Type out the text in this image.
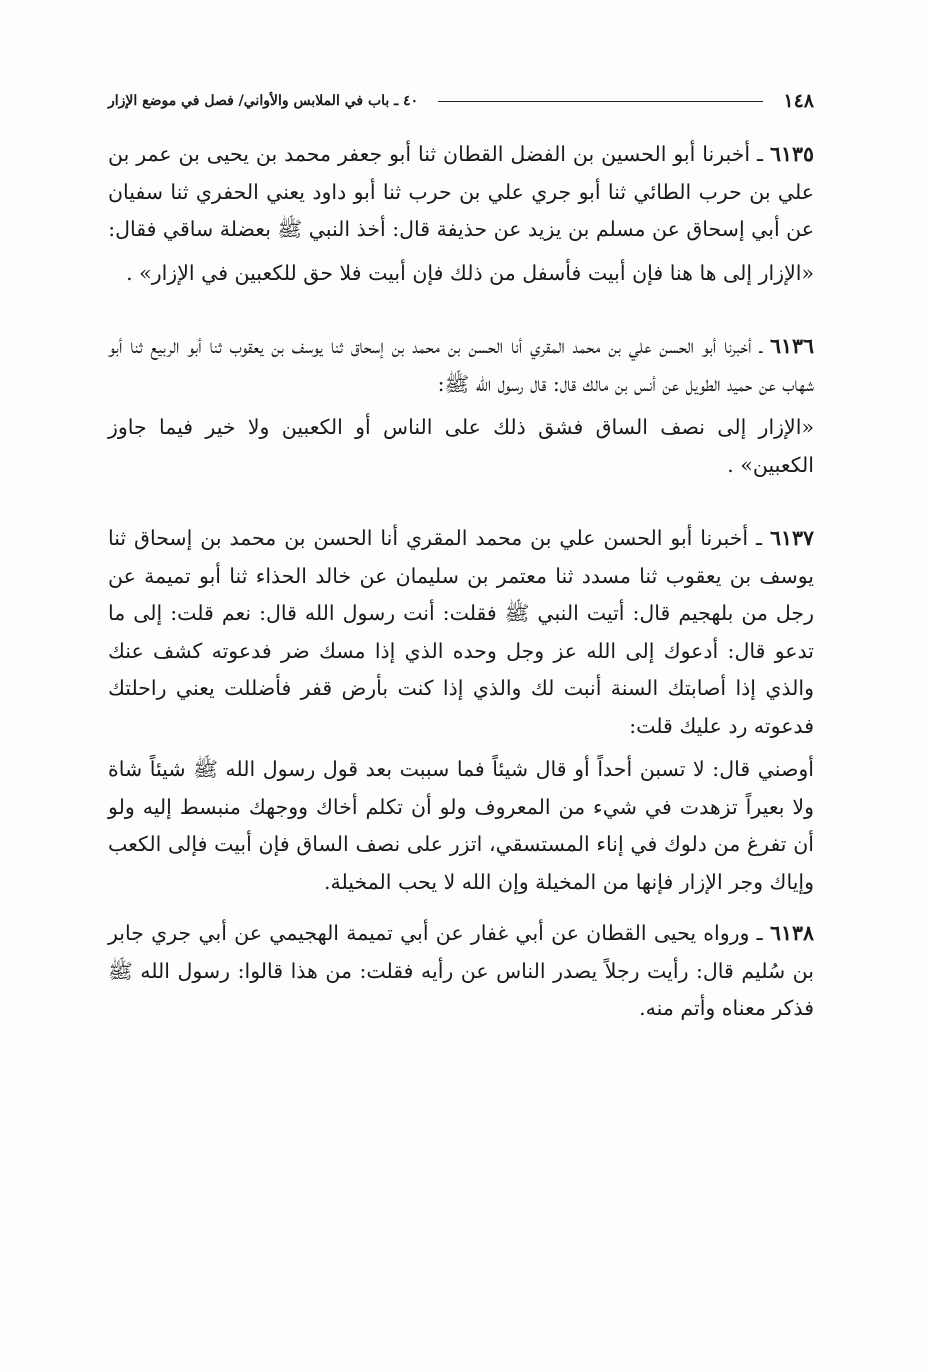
١٤٨
٤٠ ـ باب في الملابس والأواني/ فصل في موضع الإزار
٦١٣٥ ـ أخبرنا أبو الحسين بن الفضل القطان ثنا أبو جعفر محمد بن يحيى بن عمر بن علي بن حرب الطائي ثنا أبو جري علي بن حرب ثنا أبو داود يعني الحفري ثنا سفيان عن أبي إسحاق عن مسلم بن يزيد عن حذيفة قال: أخذ النبي ﷺ بعضلة ساقي فقال:
«الإزار إلى ها هنا فإن أبيت فأسفل من ذلك فإن أبيت فلا حق للكعبين في الإزار» .
٦١٣٦ ـ أخبرنا أبو الحسن علي بن محمد المقري أنا الحسن بن محمد بن إسحاق ثنا يوسف بن يعقوب ثنا أبو الربيع ثنا أبو شهاب عن حميد الطويل عن أنس بن مالك قال: قال رسول الله ﷺ:
«الإزار إلى نصف الساق فشق ذلك على الناس أو الكعبين ولا خير فيما جاوز الكعبين» .
٦١٣٧ ـ أخبرنا أبو الحسن علي بن محمد المقري أنا الحسن بن محمد بن إسحاق ثنا يوسف بن يعقوب ثنا مسدد ثنا معتمر بن سليمان عن خالد الحذاء ثنا أبو تميمة عن رجل من بلهجيم قال: أتيت النبي ﷺ فقلت: أنت رسول الله قال: نعم قلت: إلى ما تدعو قال: أدعوك إلى الله عز وجل وحده الذي إذا مسك ضر فدعوته كشف عنك والذي إذا أصابتك السنة أنبت لك والذي إذا كنت بأرض قفر فأضللت يعني راحلتك فدعوته رد عليك قلت:
أوصني قال: لا تسبن أحداً أو قال شيئاً فما سببت بعد قول رسول الله ﷺ شيئاً شاة ولا بعيراً تزهدت في شيء من المعروف ولو أن تكلم أخاك ووجهك منبسط إليه ولو أن تفرغ من دلوك في إناء المستسقي، اتزر على نصف الساق فإن أبيت فإلى الكعب وإياك وجر الإزار فإنها من المخيلة وإن الله لا يحب المخيلة.
٦١٣٨ ـ ورواه يحيى القطان عن أبي غفار عن أبي تميمة الهجيمي عن أبي جري جابر بن سُليم قال: رأيت رجلاً يصدر الناس عن رأيه فقلت: من هذا قالوا: رسول الله ﷺ فذكر معناه وأتم منه.
